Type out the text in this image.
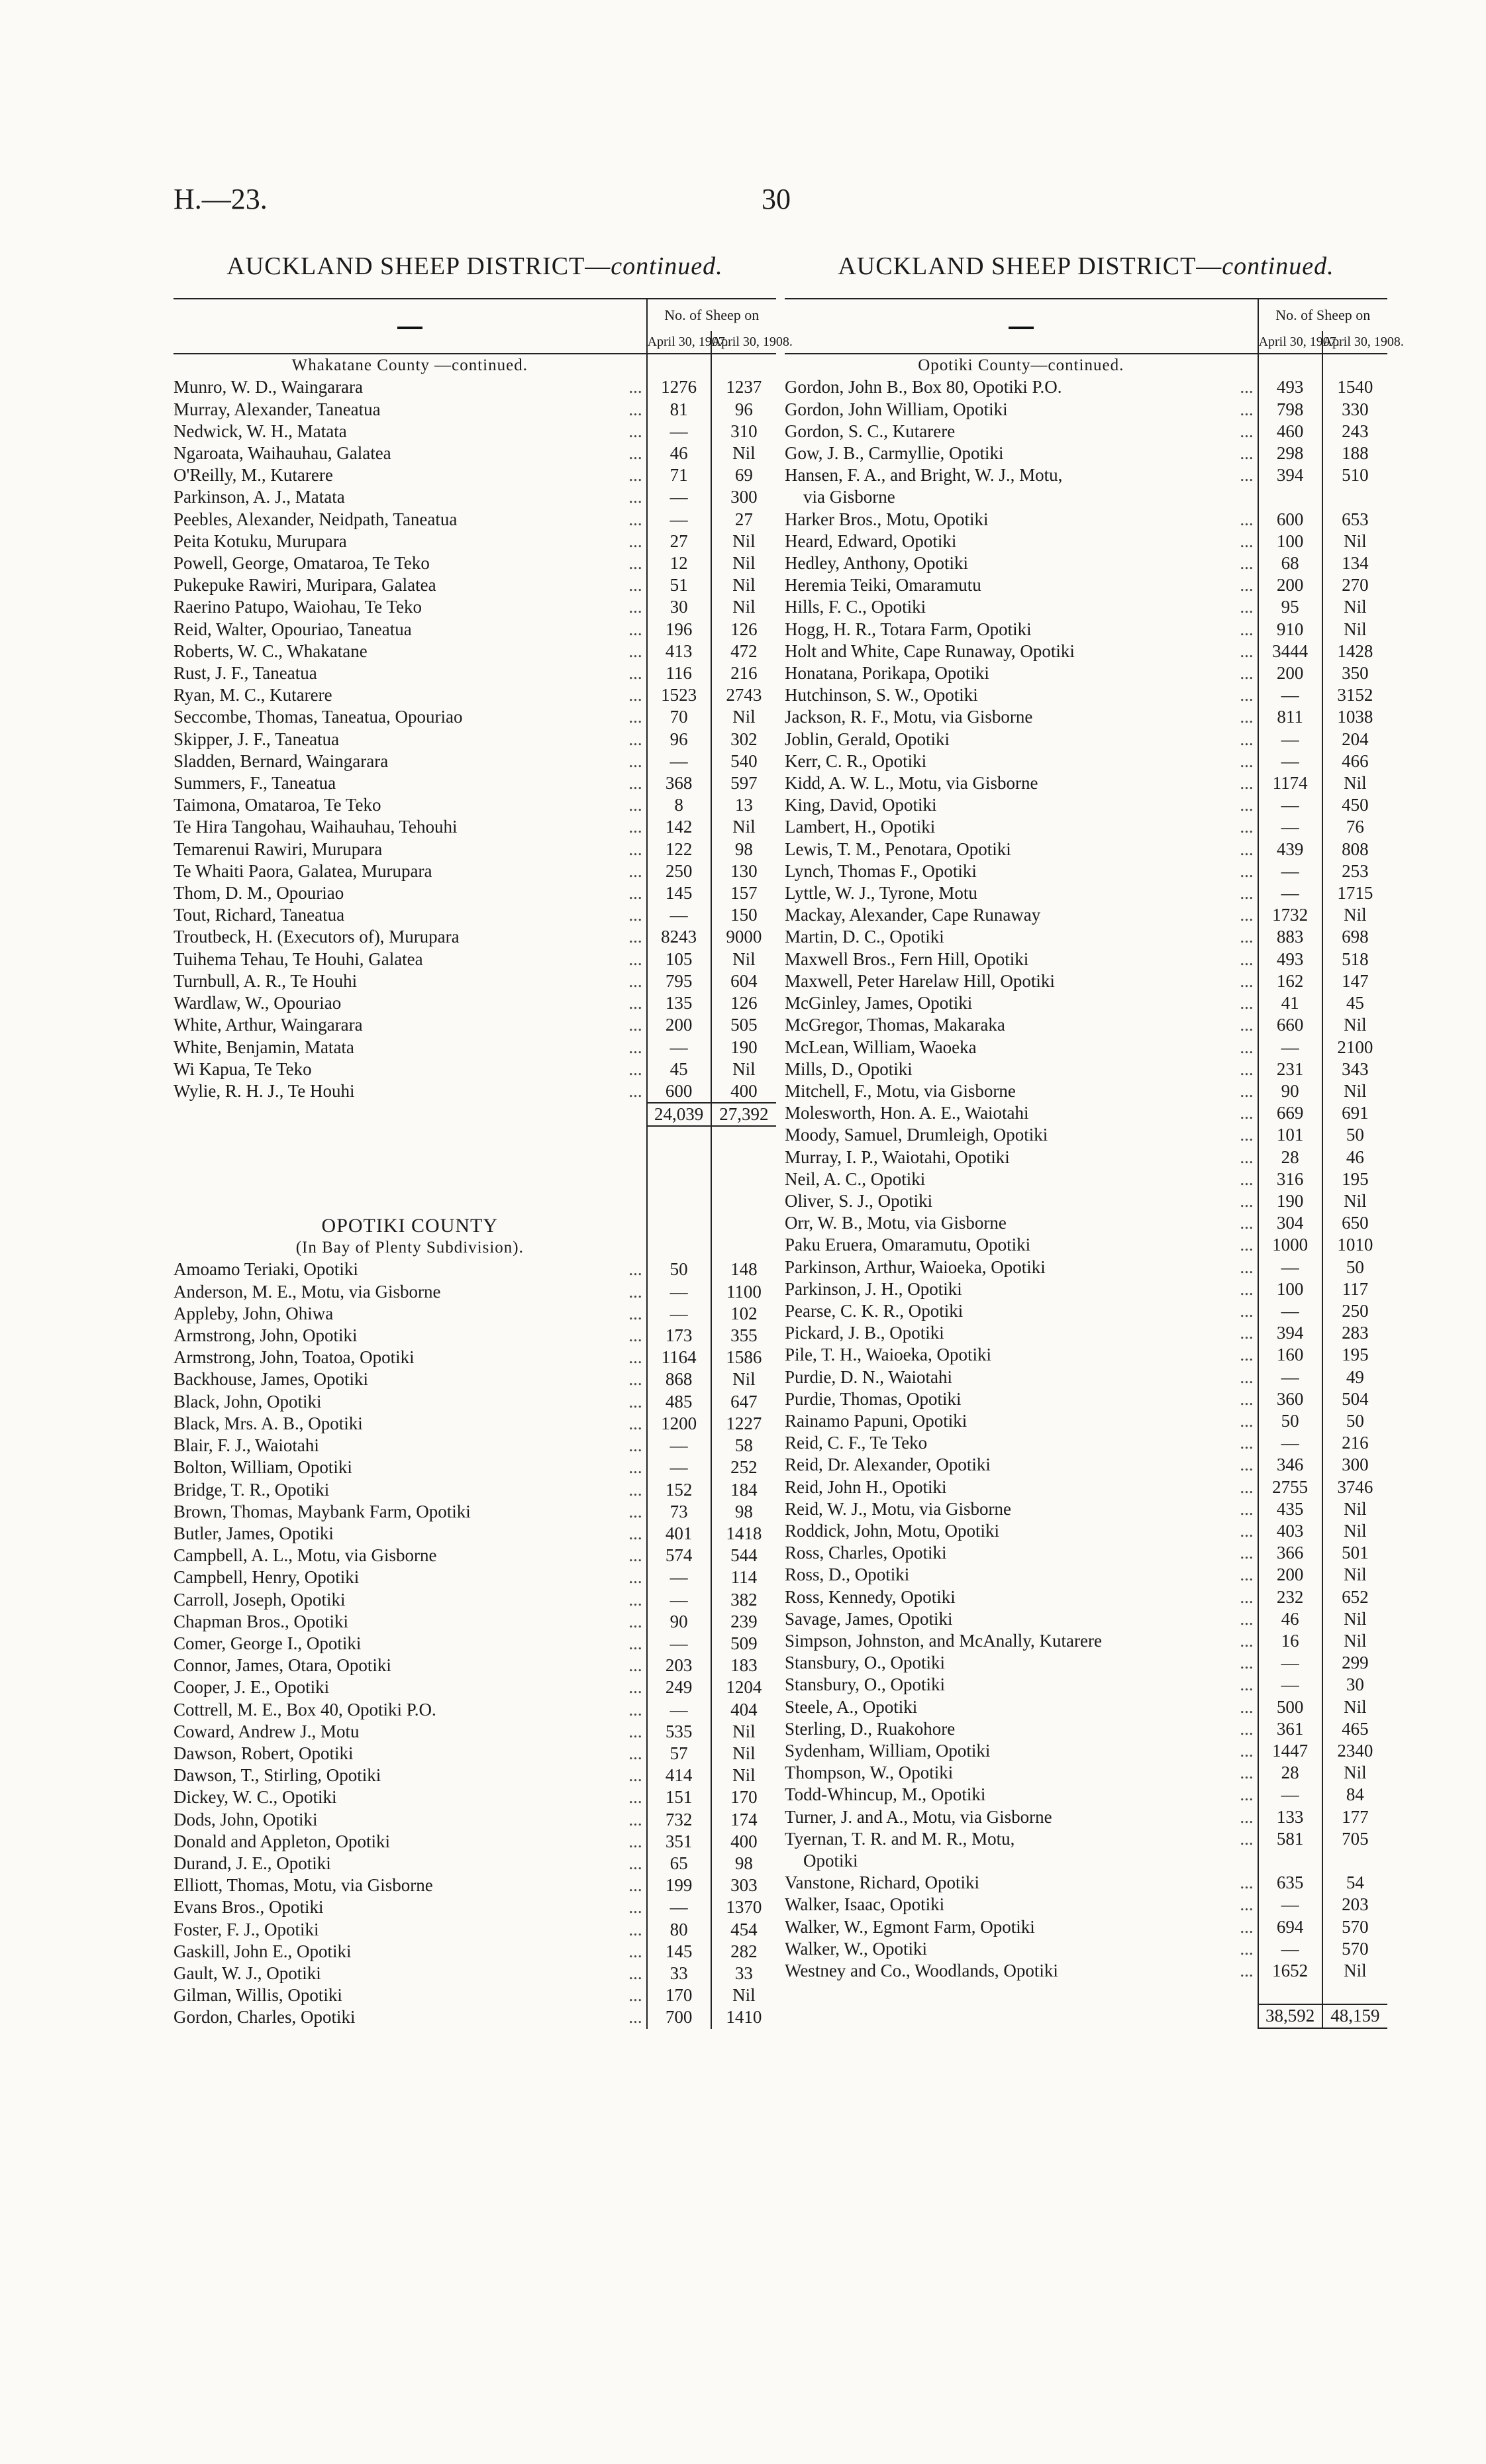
H.—23.	30
AUCKLAND SHEEP DISTRICT—continued.
	No. of Sheep on	
	April 30, 1907.	April 30, 1908.
Whakatane County —continued.		
Munro, W. D., Waingarara ...	1276	1237
Murray, Alexander, Taneatua ...	81	96
Nedwick, W. H., Matata ...	—	310
Ngaroata, Waihauhau, Galatea ...	46	Nil
O'Reilly, M., Kutarere ...	71	69
Parkinson, A. J., Matata ...	—	300
Peebles, Alexander, Neidpath, Taneatua ...	—	27
Peita Kotuku, Murupara ...	27	Nil
Powell, George, Omataroa, Te Teko ...	12	Nil
Pukepuke Rawiri, Muripara, Galatea ...	51	Nil
Raerino Patupo, Waiohau, Te Teko ...	30	Nil
Reid, Walter, Opouriao, Taneatua ...	196	126
Roberts, W. C., Whakatane ...	413	472
Rust, J. F., Taneatua ...	116	216
Ryan, M. C., Kutarere ...	1523	2743
Seccombe, Thomas, Taneatua, Opouriao ...	70	Nil
Skipper, J. F., Taneatua ...	96	302
Sladden, Bernard, Waingarara ...	—	540
Summers, F., Taneatua ...	368	597
Taimona, Omataroa, Te Teko ...	8	13
Te Hira Tangohau, Waihauhau, Tehouhi ...	142	Nil
Temarenui Rawiri, Murupara ...	122	98
Te Whaiti Paora, Galatea, Murupara ...	250	130
Thom, D. M., Opouriao ...	145	157
Tout, Richard, Taneatua ...	—	150
Troutbeck, H. (Executors of), Murupara ...	8243	9000
Tuihema Tehau, Te Houhi, Galatea ...	105	Nil
Turnbull, A. R., Te Houhi ...	795	604
Wardlaw, W., Opouriao ...	135	126
White, Arthur, Waingarara ...	200	505
White, Benjamin, Matata ...	—	190
Wi Kapua, Te Teko ...	45	Nil
Wylie, R. H. J., Te Houhi ...	600	400
	24,039	27,392

OPOTIKI COUNTY		
(In Bay of Plenty Subdivision).		
Amoamo Teriaki, Opotiki ...	50	148
Anderson, M. E., Motu, via Gisborne ...	—	1100
Appleby, John, Ohiwa ...	—	102
Armstrong, John, Opotiki ...	173	355
Armstrong, John, Toatoa, Opotiki ...	1164	1586
Backhouse, James, Opotiki ...	868	Nil
Black, John, Opotiki ...	485	647
Black, Mrs. A. B., Opotiki ...	1200	1227
Blair, F. J., Waiotahi ...	—	58
Bolton, William, Opotiki ...	—	252
Bridge, T. R., Opotiki ...	152	184
Brown, Thomas, Maybank Farm, Opotiki ...	73	98
Butler, James, Opotiki ...	401	1418
Campbell, A. L., Motu, via Gisborne ...	574	544
Campbell, Henry, Opotiki ...	—	114
Carroll, Joseph, Opotiki ...	—	382
Chapman Bros., Opotiki ...	90	239
Comer, George I., Opotiki ...	—	509
Connor, James, Otara, Opotiki ...	203	183
Cooper, J. E., Opotiki ...	249	1204
Cottrell, M. E., Box 40, Opotiki P.O. ...	—	404
Coward, Andrew J., Motu ...	535	Nil
Dawson, Robert, Opotiki ...	57	Nil
Dawson, T., Stirling, Opotiki ...	414	Nil
Dickey, W. C., Opotiki ...	151	170
Dods, John, Opotiki ...	732	174
Donald and Appleton, Opotiki ...	351	400
Durand, J. E., Opotiki ...	65	98
Elliott, Thomas, Motu, via Gisborne ...	199	303
Evans Bros., Opotiki ...	—	1370
Foster, F. J., Opotiki ...	80	454
Gaskill, John E., Opotiki ...	145	282
Gault, W. J., Opotiki ...	33	33
Gilman, Willis, Opotiki ...	170	Nil
Gordon, Charles, Opotiki ...	700	1410
AUCKLAND SHEEP DISTRICT—continued.
	No. of Sheep on	
	April 30, 1907.	April 30, 1908.
Opotiki County—continued.		
Gordon, John B., Box 80, Opotiki P.O. ...	493	1540
Gordon, John William, Opotiki ...	798	330
Gordon, S. C., Kutarere ...	460	243
Gow, J. B., Carmyllie, Opotiki ...	298	188
Hansen, F. A., and Bright, W. J., Motu, ...	394	510
via Gisborne		
Harker Bros., Motu, Opotiki ...	600	653
Heard, Edward, Opotiki ...	100	Nil
Hedley, Anthony, Opotiki ...	68	134
Heremia Teiki, Omaramutu ...	200	270
Hills, F. C., Opotiki ...	95	Nil
Hogg, H. R., Totara Farm, Opotiki ...	910	Nil
Holt and White, Cape Runaway, Opotiki ...	3444	1428
Honatana, Porikapa, Opotiki ...	200	350
Hutchinson, S. W., Opotiki ...	—	3152
Jackson, R. F., Motu, via Gisborne ...	811	1038
Joblin, Gerald, Opotiki ...	—	204
Kerr, C. R., Opotiki ...	—	466
Kidd, A. W. L., Motu, via Gisborne ...	1174	Nil
King, David, Opotiki ...	—	450
Lambert, H., Opotiki ...	—	76
Lewis, T. M., Penotara, Opotiki ...	439	808
Lynch, Thomas F., Opotiki ...	—	253
Lyttle, W. J., Tyrone, Motu ...	—	1715
Mackay, Alexander, Cape Runaway ...	1732	Nil
Martin, D. C., Opotiki ...	883	698
Maxwell Bros., Fern Hill, Opotiki ...	493	518
Maxwell, Peter Harelaw Hill, Opotiki ...	162	147
McGinley, James, Opotiki ...	41	45
McGregor, Thomas, Makaraka ...	660	Nil
McLean, William, Waoeka ...	—	2100
Mills, D., Opotiki ...	231	343
Mitchell, F., Motu, via Gisborne ...	90	Nil
Molesworth, Hon. A. E., Waiotahi ...	669	691
Moody, Samuel, Drumleigh, Opotiki ...	101	50
Murray, I. P., Waiotahi, Opotiki ...	28	46
Neil, A. C., Opotiki ...	316	195
Oliver, S. J., Opotiki ...	190	Nil
Orr, W. B., Motu, via Gisborne ...	304	650
Paku Eruera, Omaramutu, Opotiki ...	1000	1010
Parkinson, Arthur, Waioeka, Opotiki ...	—	50
Parkinson, J. H., Opotiki ...	100	117
Pearse, C. K. R., Opotiki ...	—	250
Pickard, J. B., Opotiki ...	394	283
Pile, T. H., Waioeka, Opotiki ...	160	195
Purdie, D. N., Waiotahi ...	—	49
Purdie, Thomas, Opotiki ...	360	504
Rainamo Papuni, Opotiki ...	50	50
Reid, C. F., Te Teko ...	—	216
Reid, Dr. Alexander, Opotiki ...	346	300
Reid, John H., Opotiki ...	2755	3746
Reid, W. J., Motu, via Gisborne ...	435	Nil
Roddick, John, Motu, Opotiki ...	403	Nil
Ross, Charles, Opotiki ...	366	501
Ross, D., Opotiki ...	200	Nil
Ross, Kennedy, Opotiki ...	232	652
Savage, James, Opotiki ...	46	Nil
Simpson, Johnston, and McAnally, Kutarere ...	16	Nil
Stansbury, O., Opotiki ...	—	299
Stansbury, O., Opotiki ...	—	30
Steele, A., Opotiki ...	500	Nil
Sterling, D., Ruakohore ...	361	465
Sydenham, William, Opotiki ...	1447	2340
Thompson, W., Opotiki ...	28	Nil
Todd-Whincup, M., Opotiki ...	—	84
Turner, J. and A., Motu, via Gisborne ...	133	177
Tyernan, T. R. and M. R., Motu, ...	581	705
Opotiki		
Vanstone, Richard, Opotiki ...	635	54
Walker, Isaac, Opotiki ...	—	203
Walker, W., Egmont Farm, Opotiki ...	694	570
Walker, W., Opotiki ...	—	570
Westney and Co., Woodlands, Opotiki ...	1652	Nil

	38,592	48,159
